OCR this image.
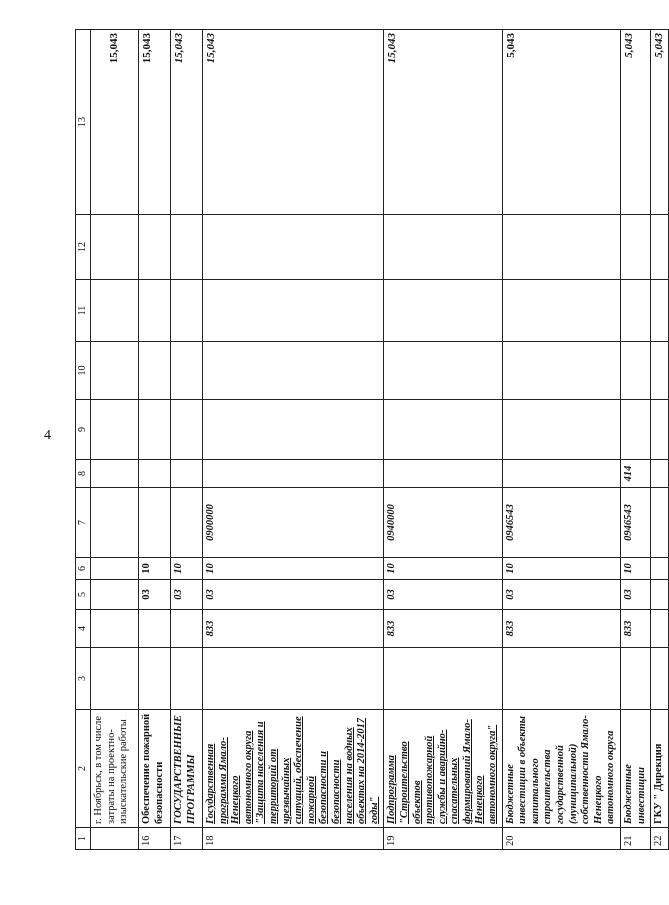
4
1	2	3	4	5	6	7	8	9	10	11	12	13
	г. Ноябрьск, в том числе затраты на проектно-изыскательские работы											15,043
16	Обеспечение пожарной безопасности			03	10							15,043
17	ГОСУДАРСТВЕННЫЕ ПРОГРАММЫ			03	10							15,043
18	Государственная программа Ямало-Ненецкого автономного округа "Защита населения и территорий от чрезвычайных ситуаций, обеспечение пожарной безопасности и безопасности населения на водных объектах на 2014-2017 годы"		833	03	10	0900000						15,043
19	Подпрограмма "Строительство объектов противопожарной службы и аварийно-спасательных формирований Ямало-Ненецкого автономного округа"		833	03	10	0940000						15,043
20	Бюджетные инвестиции в объекты капитального строительства государственной (муниципальной) собственности Ямало-Ненецкого автономного округа		833	03	10	0946543						5,043
21	Бюджетные инвестиции		833	03	10	0946543	414					5,043
22	ГКУ " Дирекция											5,043
